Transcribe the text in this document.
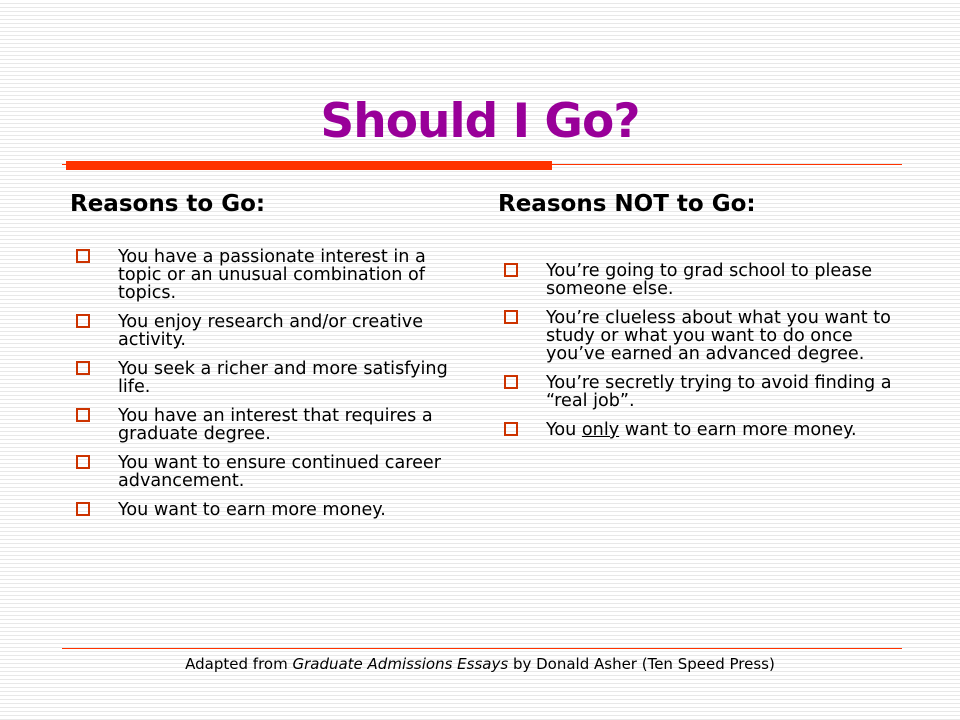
Should I Go?
Reasons to Go:
You have a passionate interest in a topic or an unusual combination of topics.
You enjoy research and/or creative activity.
You seek a richer and more satisfying life.
You have an interest that requires a graduate degree.
You want to ensure continued career advancement.
You want to earn more money.
Reasons NOT to Go:
You’re going to grad school to please someone else.
You’re clueless about what you want to study or what you want to do once you’ve earned an advanced degree.
You’re secretly trying to avoid finding a “real job”.
You only want to earn more money.
Adapted from Graduate Admissions Essays by Donald Asher (Ten Speed Press)
